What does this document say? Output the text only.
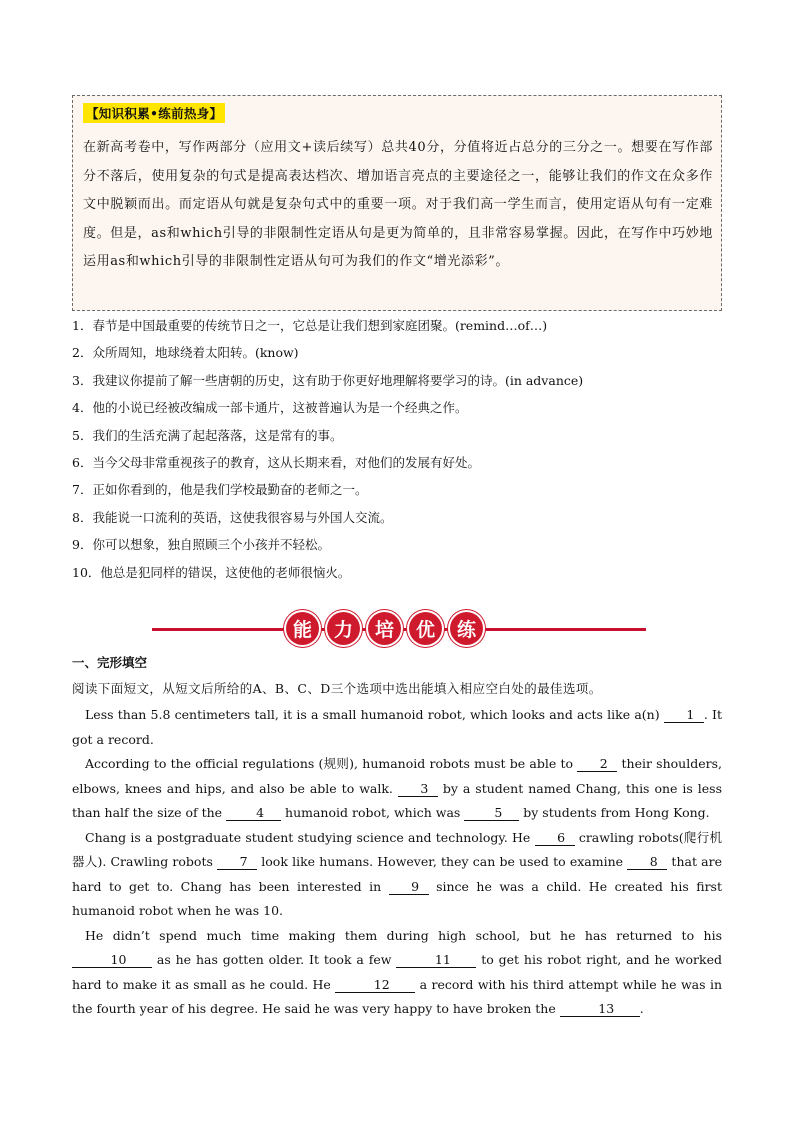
【知识积累•练前热身】
在新高考卷中，写作两部分（应用文+读后续写）总共40分，分值将近占总分的三分之一。想要在写作部分不落后，使用复杂的句式是提高表达档次、增加语言亮点的主要途径之一，能够让我们的作文在众多作文中脱颖而出。而定语从句就是复杂句式中的重要一项。对于我们高一学生而言，使用定语从句有一定难度。但是，as和which引导的非限制性定语从句是更为简单的，且非常容易掌握。因此，在写作中巧妙地运用as和which引导的非限制性定语从句可为我们的作文“增光添彩”。
1．春节是中国最重要的传统节日之一，它总是让我们想到家庭团聚。(remind…of…)
2．众所周知，地球绕着太阳转。(know)
3．我建议你提前了解一些唐朝的历史，这有助于你更好地理解将要学习的诗。(in advance)
4．他的小说已经被改编成一部卡通片，这被普遍认为是一个经典之作。
5．我们的生活充满了起起落落，这是常有的事。
6．当今父母非常重视孩子的教育，这从长期来看，对他们的发展有好处。
7．正如你看到的，他是我们学校最勤奋的老师之一。
8．我能说一口流利的英语，这使我很容易与外国人交流。
9．你可以想象，独自照顾三个小孩并不轻松。
10．他总是犯同样的错误，这使他的老师很恼火。
能	力	培	优	练
一、完形填空
阅读下面短文，从短文后所给的A、B、C、D三个选项中选出能填入相应空白处的最佳选项。

Less than 5.8 centimeters tall, it is a small humanoid robot, which looks and acts like a(n) 1 . It got a record.

According to the official regulations (规则), humanoid robots must be able to 2 their shoulders, elbows, knees and hips, and also be able to walk. 3 by a student named Chang, this one is less than half the size of the 4 humanoid robot, which was 5 by students from Hong Kong.

Chang is a postgraduate student studying science and technology. He 6 crawling robots(爬行机器人). Crawling robots 7 look like humans. However, they can be used to examine 8 that are hard to get to. Chang has been interested in 9 since he was a child. He created his first humanoid robot when he was 10.

He didn’t spend much time making them during high school, but he has returned to his 10 as he has gotten older. It took a few	11 to get his robot right, and he worked hard to make it as small as he could. He	12 a record with his third attempt while he was in the fourth year of his degree. He said he was very happy to have broken the	13 .
